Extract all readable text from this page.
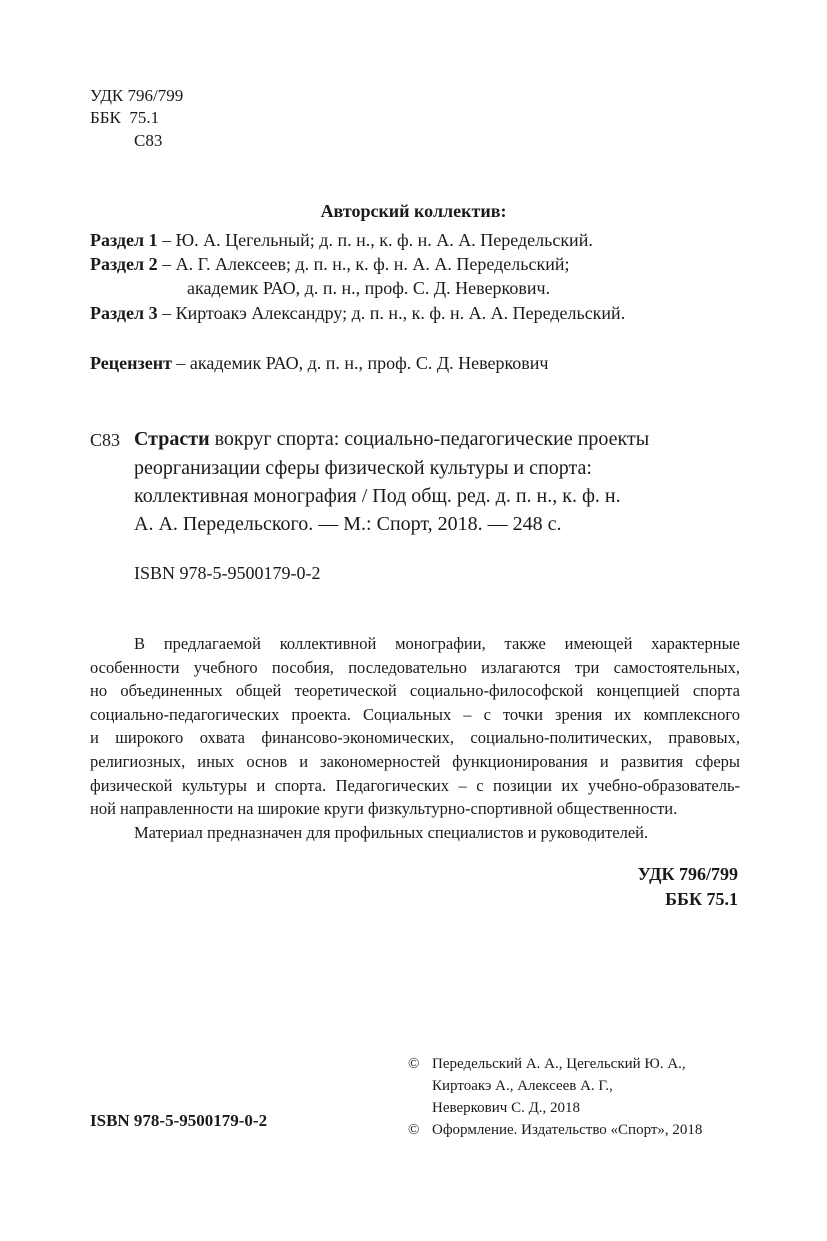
УДК 796/799
ББК  75.1
С83
Авторский коллектив:
Раздел 1 – Ю. А. Цегельный; д. п. н., к. ф. н. А. А. Передельский.
Раздел 2 – А. Г. Алексеев; д. п. н., к. ф. н. А. А. Передельский;
академик РАО, д. п. н., проф. С. Д. Неверкович.
Раздел 3 – Киртоакэ Александру; д. п. н., к. ф. н. А. А. Передельский.
Рецензент – академик РАО, д. п. н., проф. С. Д. Неверкович
С83 Страсти вокруг спорта: социально-педагогические проекты
реорганизации сферы физической культуры и спорта:
коллективная монография / Под общ. ред. д. п. н., к. ф. н.
А. А. Передельского. — М.: Спорт, 2018. — 248 с.
ISBN 978-5-9500179-0-2

В предлагаемой коллективной монографии, также имеющей характерные

особенности учебного пособия, последовательно излагаются три самостоятельных,

но объединенных общей теоретической социально-философской концепцией спорта

социально-педагогических проекта. Социальных – с точки зрения их комплексного

и широкого охвата финансово-экономических, социально-политических, правовых,

религиозных, иных основ и закономерностей функционирования и развития сферы

физической культуры и спорта. Педагогических – с позиции их учебно-образователь-

ной направленности на широкие круги физкультурно-спортивной общественности.

Материал предназначен для профильных специалистов и руководителей.

УДК 796/799
ББК 75.1
ISBN 978-5-9500179-0-2
© Передельский А. А., Цегельский Ю. А.,
Киртоакэ А., Алексеев А. Г.,
Неверкович С. Д., 2018
© Оформление. Издательство «Спорт», 2018
